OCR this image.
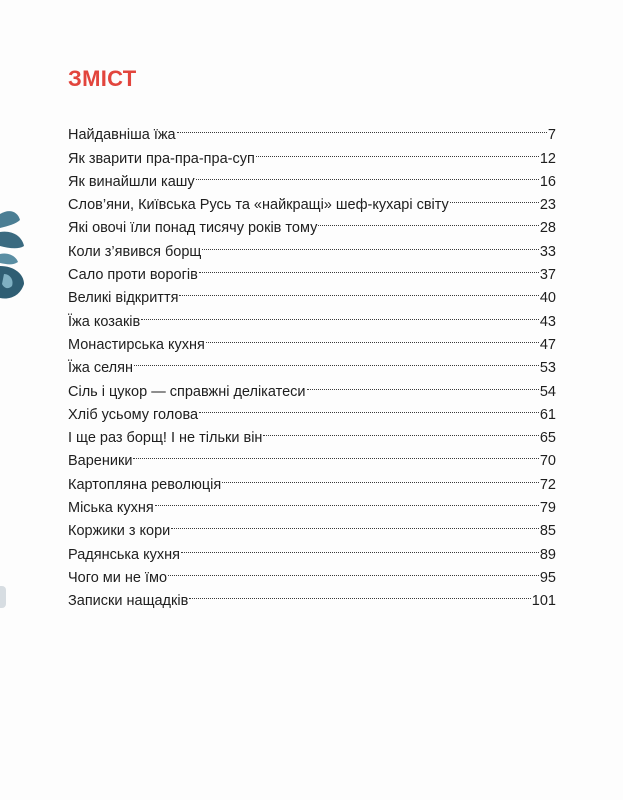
ЗМІСТ
Найдавніша їжа	7
Як зварити пра-пра-пра-суп	12
Як винайшли кашу	16
Слов’яни, Київська Русь та «найкращі» шеф-кухарі світу	23
Які овочі їли понад тисячу років тому	28
Коли з’явився борщ	33
Сало проти ворогів	37
Великі відкриття	40
Їжа козаків	43
Монастирська кухня	47
Їжа селян	53
Сіль і цукор — справжні делікатеси	54
Хліб усьому голова	61
І ще раз борщ! І не тільки він	65
Вареники	70
Картопляна революція	72
Міська кухня	79
Коржики з кори	85
Радянська кухня	89
Чого ми не їмо	95
Записки нащадків	101
